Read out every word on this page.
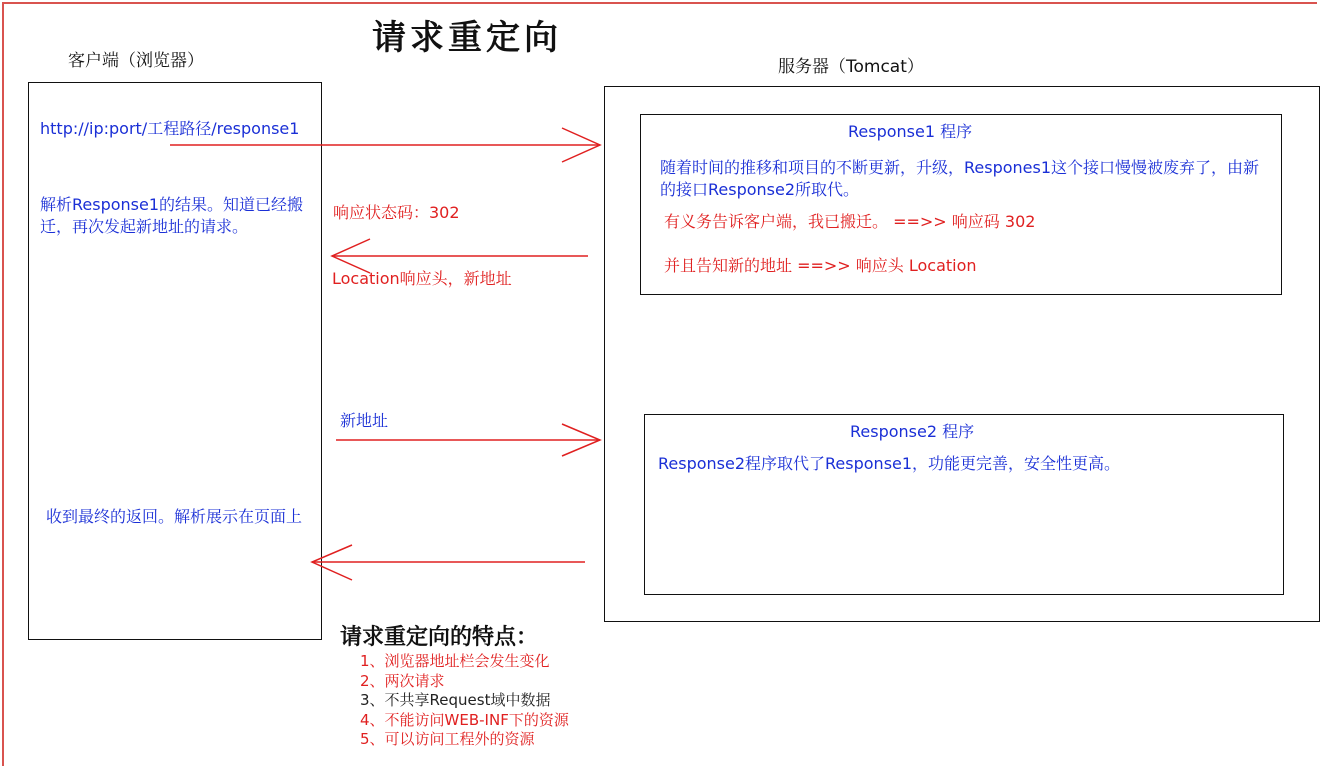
请求重定向
客户端（浏览器）	服务器（Tomcat）
http://ip:port/工程路径/response1
解析Response1的结果。知道已经搬迁，再次发起新地址的请求。
收到最终的返回。解析展示在页面上
Response1 程序
随着时间的推移和项目的不断更新，升级，Respones1这个接口慢慢被废弃了，由新的接口Response2所取代。
有义务告诉客户端，我已搬迁。 ==>> 响应码 302
并且告知新的地址 ==>> 响应头 Location
Response2 程序
Response2程序取代了Response1，功能更完善，安全性更高。
响应状态码：302
Location响应头，新地址
新地址
请求重定向的特点：
1、浏览器地址栏会发生变化
2、两次请求
3、不共享Request域中数据
4、不能访问WEB-INF下的资源
5、可以访问工程外的资源
